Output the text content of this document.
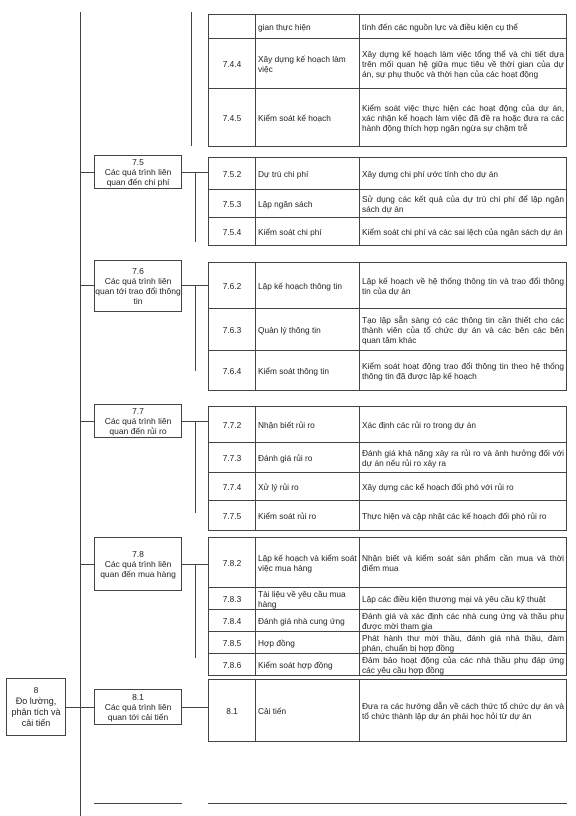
	gian thực hiện	tính đến các nguồn lực và điều kiện cụ thể
7.4.4	Xây dựng kế hoạch làm việc	Xây dựng kế hoạch làm việc tổng thể và chi tiết dựa trên mối quan hệ giữa mục tiêu về thời gian của dự án, sự phụ thuộc và thời hạn của các hoạt động
7.4.5	Kiểm soát kế hoạch	Kiểm soát việc thực hiện các hoạt động của dự án, xác nhận kế hoạch làm việc đã đề ra hoặc đưa ra các hành động thích hợp ngăn ngừa sự chậm trễ
7.5
Các quá trình liên quan đến chi phí
7.5.2	Dự trù chi phí	Xây dựng chi phí ước tính cho dự án
7.5.3	Lập ngân sách	Sử dụng các kết quả của dự trù chi phí để lập ngân sách dự án
7.5.4	Kiểm soát chi phí	Kiểm soát chi phí và các sai lệch của ngân sách dự án
7.6
Các quá trình liên quan tới trao đổi thông tin
7.6.2	Lập kế hoạch thông tin	Lập kế hoạch về hệ thống thông tin và trao đổi thông tin của dự án
7.6.3	Quản lý thông tin	Tạo lập sẵn sàng có các thông tin cần thiết cho các thành viên của tổ chức dự án và các bên các bên quan tâm khác
7.6.4	Kiểm soát thông tin	Kiểm soát hoạt động trao đổi thông tin theo hệ thống thông tin đã được lập kế hoạch
7.7
Các quá trình liên quan đến rủi ro
7.7.2	Nhận biết rủi ro	Xác định các rủi ro trong dự án
7.7.3	Đánh giá rủi ro	Đánh giá khả năng xảy ra rủi ro và ảnh hưởng đối với dự án nếu rủi ro xảy ra
7.7.4	Xử lý rủi ro	Xây dựng các kế hoạch đối phó với rủi ro
7.7.5	Kiểm soát rủi ro	Thực hiện và cập nhật các kế hoạch đối phó rủi ro
7.8
Các quá trình liên quan đến mua hàng
7.8.2	Lập kế hoạch và kiểm soát việc mua hàng	Nhận biết và kiểm soát sản phẩm cần mua và thời điểm mua
7.8.3	Tài liệu về yêu cầu mua hàng	Lập các điều kiện thương mại và yêu cầu kỹ thuật
7.8.4	Đánh giá nhà cung ứng	Đánh giá và xác định các nhà cung ứng và thầu phụ được mời tham gia
7.8.5	Hợp đồng	Phát hành thư mời thầu, đánh giá nhà thầu, đàm phán, chuẩn bị hợp đồng
7.8.6	Kiểm soát hợp đồng	Đảm bảo hoạt động của các nhà thầu phụ đáp ứng các yêu cầu hợp đồng
8
Đo lường, phân tích và cải tiến
8.1
Các quá trình liên quan tới cải tiến
8.1	Cải tiến	Đưa ra các hướng dẫn về cách thức tổ chức dự án và tổ chức thành lập dự án phải học hỏi từ dự án
